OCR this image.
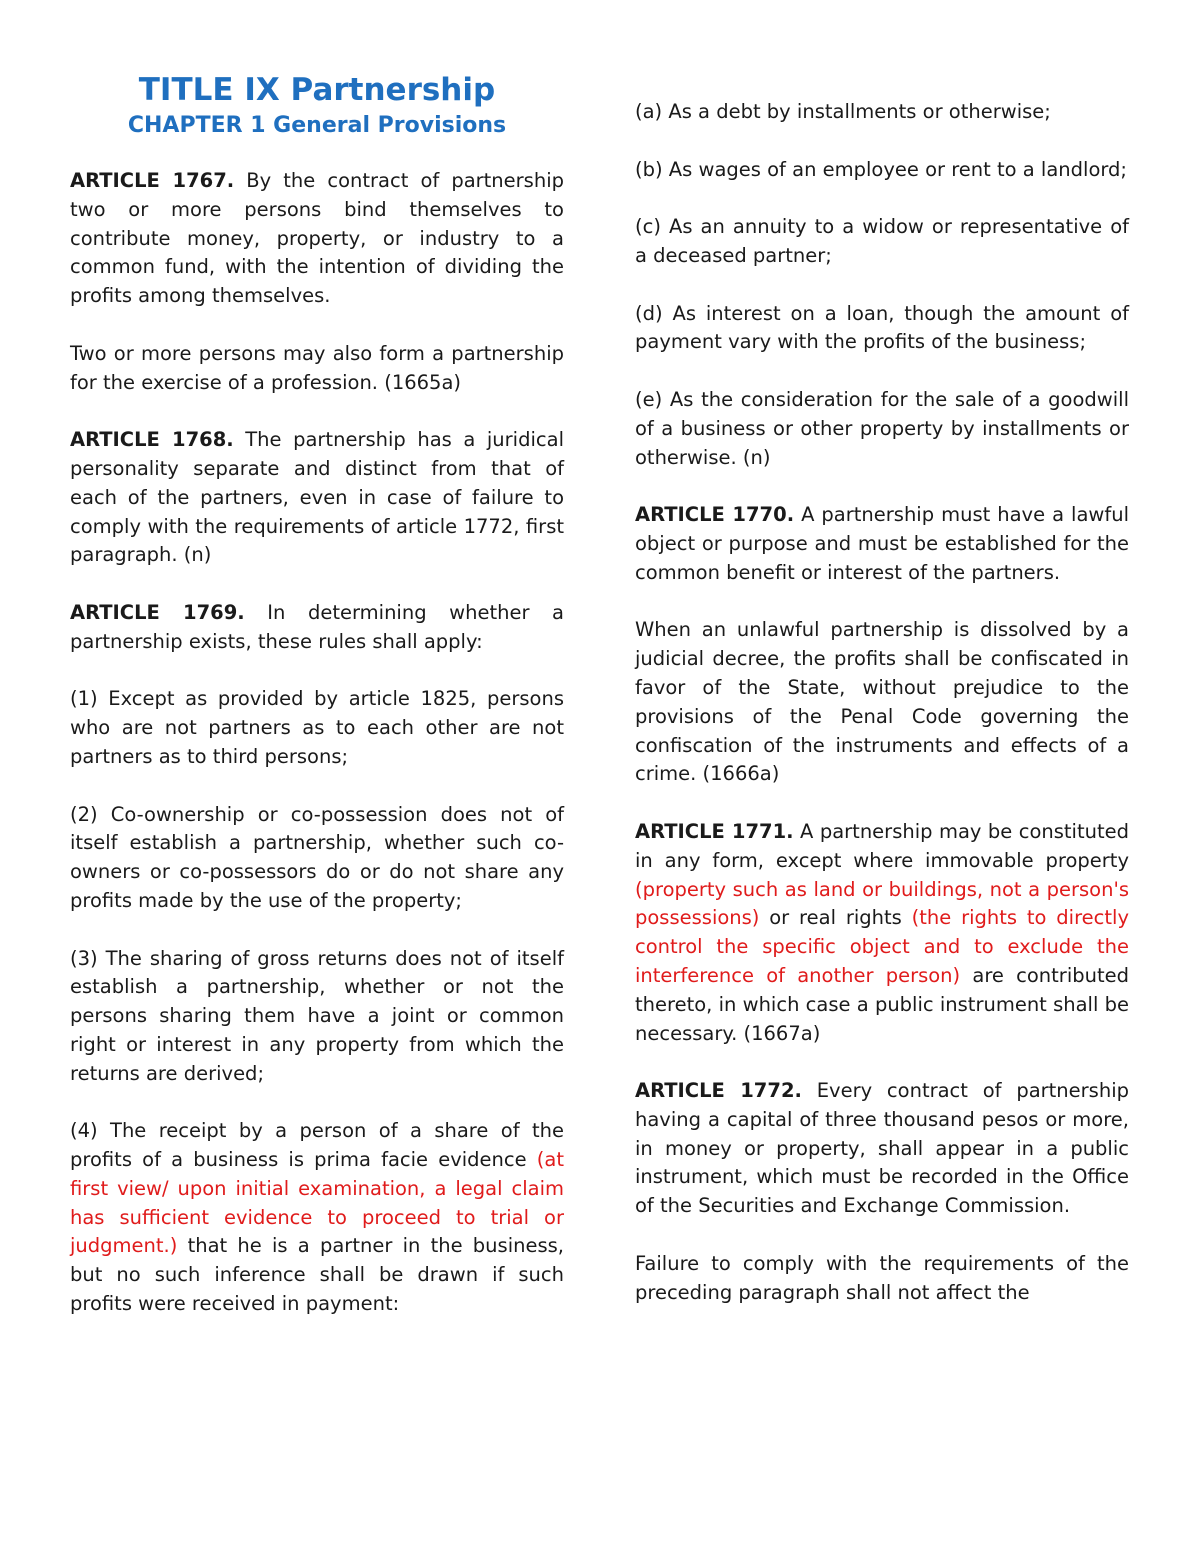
TITLE IX Partnership
CHAPTER 1 General Provisions

ARTICLE 1767. By the contract of partnership two or more persons bind themselves to contribute money, property, or industry to a common fund, with the intention of dividing the profits among themselves.

Two or more persons may also form a partnership for the exercise of a profession. (1665a)

ARTICLE 1768. The partnership has a juridical personality separate and distinct from that of each of the partners, even in case of failure to comply with the requirements of article 1772, first paragraph. (n)

ARTICLE 1769. In determining whether a partnership exists, these rules shall apply:

(1) Except as provided by article 1825, persons who are not partners as to each other are not partners as to third persons;

(2) Co-ownership or co-possession does not of itself establish a partnership, whether such co-owners or co-possessors do or do not share any profits made by the use of the property;

(3) The sharing of gross returns does not of itself establish a partnership, whether or not the persons sharing them have a joint or common right or interest in any property from which the returns are derived;

(4) The receipt by a person of a share of the profits of a business is prima facie evidence (at first view/ upon initial examination, a legal claim has sufficient evidence to proceed to trial or judgment.) that he is a partner in the business, but no such inference shall be drawn if such profits were received in payment:

(a) As a debt by installments or otherwise;

(b) As wages of an employee or rent to a landlord;

(c) As an annuity to a widow or representative of a deceased partner;

(d) As interest on a loan, though the amount of payment vary with the profits of the business;

(e) As the consideration for the sale of a goodwill of a business or other property by installments or otherwise. (n)

ARTICLE 1770. A partnership must have a lawful object or purpose and must be established for the common benefit or interest of the partners.

When an unlawful partnership is dissolved by a judicial decree, the profits shall be confiscated in favor of the State, without prejudice to the provisions of the Penal Code governing the confiscation of the instruments and effects of a crime. (1666a)

ARTICLE 1771. A partnership may be constituted in any form, except where immovable property (property such as land or buildings, not a person's possessions) or real rights (the rights to directly control the specific object and to exclude the interference of another person) are contributed thereto, in which case a public instrument shall be necessary. (1667a)

ARTICLE 1772. Every contract of partnership having a capital of three thousand pesos or more, in money or property, shall appear in a public instrument, which must be recorded in the Office of the Securities and Exchange Commission.

Failure to comply with the requirements of the preceding paragraph shall not affect the
